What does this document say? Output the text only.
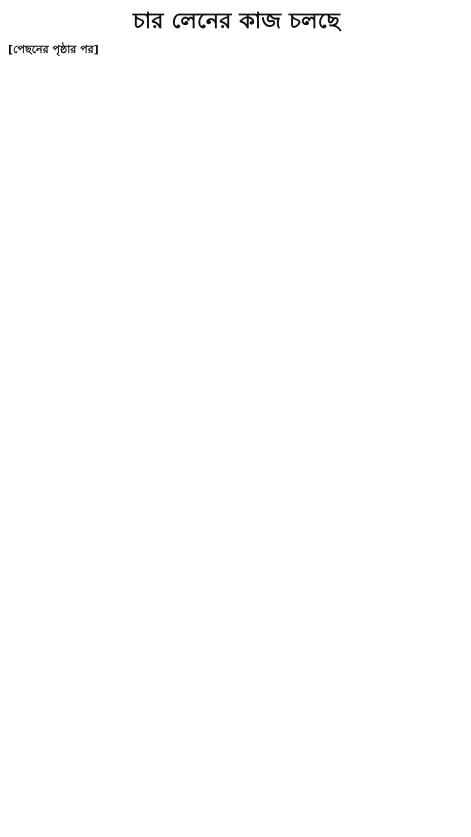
চার লেনের কাজ চলছে
[পেছনের পৃষ্ঠার পর]
